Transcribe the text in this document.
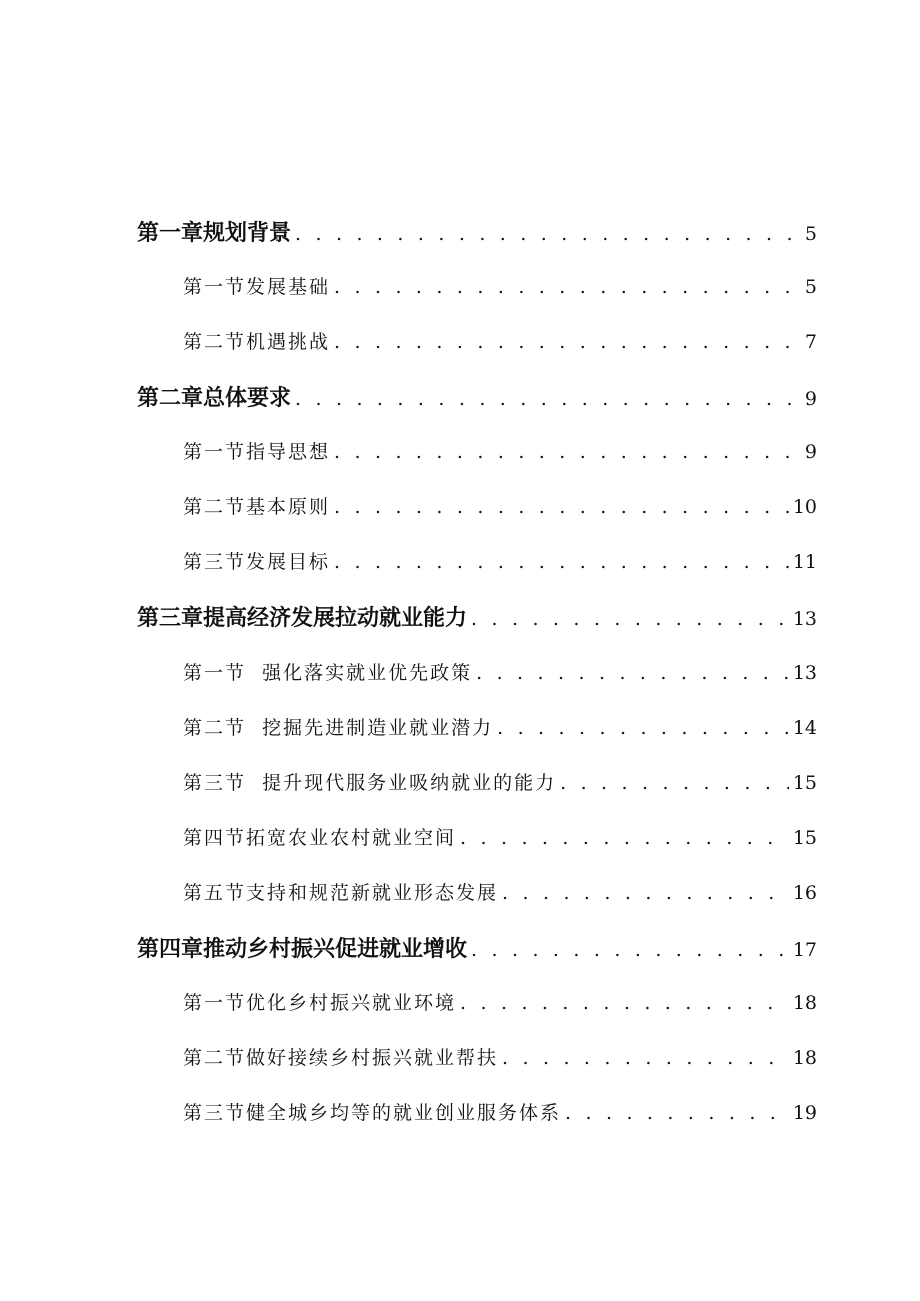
第一章规划背景 . . .	5
第一节发展基础 . . .	5
第二节机遇挑战 . . .	7
第二章总体要求 . . .	9
第一节指导思想 . . .	9
第二节基本原则 . . .	10
第三节发展目标 . . .	11
第三章提高经济发展拉动就业能力 . . .	13
第一节  强化落实就业优先政策 . . .	13
第二节  挖掘先进制造业就业潜力 . . .	14
第三节  提升现代服务业吸纳就业的能力 . . .	15
第四节拓宽农业农村就业空间 . . .	15
第五节支持和规范新就业形态发展 . . .	16
第四章推动乡村振兴促进就业增收 . . .	17
第一节优化乡村振兴就业环境 . . .	18
第二节做好接续乡村振兴就业帮扶 . . .	18
第三节健全城乡均等的就业创业服务体系 . . .	19
